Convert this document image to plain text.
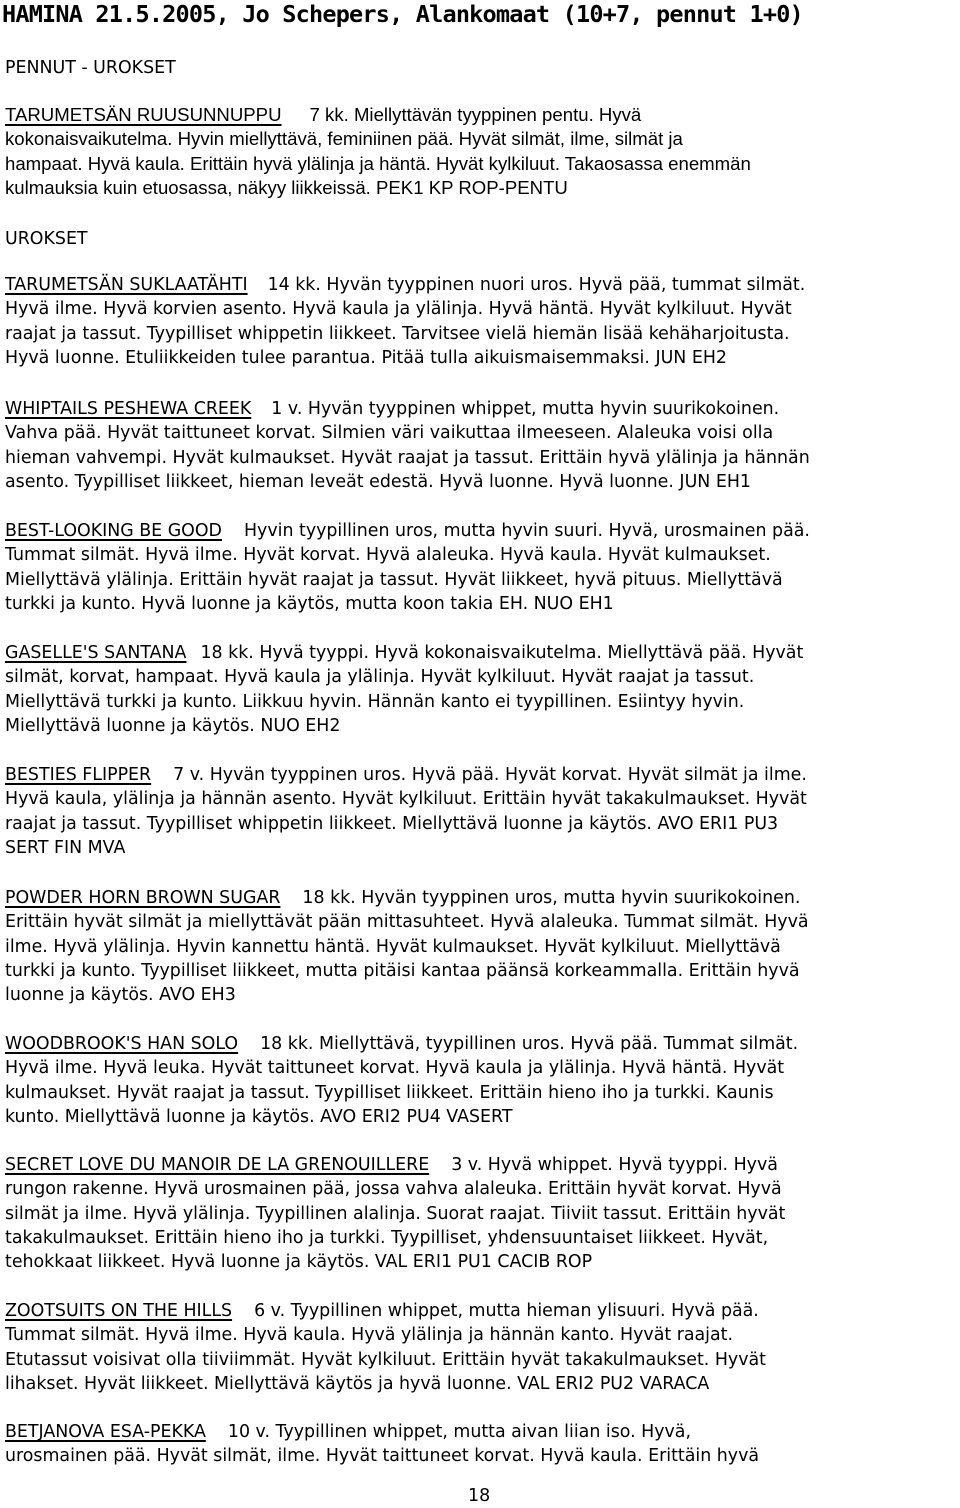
HAMINA 21.5.2005, Jo Schepers, Alankomaat (10+7, pennut 1+0)
PENNUT - UROKSET
TARUMETSÄN RUUSUNNUPPU 7 kk. Miellyttävän tyyppinen pentu. Hyvä
kokonaisvaikutelma. Hyvin miellyttävä, feminiinen pää. Hyvät silmät, ilme, silmät ja
hampaat. Hyvä kaula. Erittäin hyvä ylälinja ja häntä. Hyvät kylkiluut. Takaosassa enemmän
kulmauksia kuin etuosassa, näkyy liikkeissä. PEK1 KP ROP-PENTU
UROKSET
TARUMETSÄN SUKLAATÄHTI 14 kk. Hyvän tyyppinen nuori uros. Hyvä pää, tummat silmät.
Hyvä ilme. Hyvä korvien asento. Hyvä kaula ja ylälinja. Hyvä häntä. Hyvät kylkiluut. Hyvät
raajat ja tassut. Tyypilliset whippetin liikkeet. Tarvitsee vielä hiemän lisää kehäharjoitusta.
Hyvä luonne. Etuliikkeiden tulee parantua. Pitää tulla aikuismaisemmaksi. JUN EH2
WHIPTAILS PESHEWA CREEK 1 v. Hyvän tyyppinen whippet, mutta hyvin suurikokoinen.
Vahva pää. Hyvät taittuneet korvat. Silmien väri vaikuttaa ilmeeseen. Alaleuka voisi olla
hieman vahvempi. Hyvät kulmaukset. Hyvät raajat ja tassut. Erittäin hyvä ylälinja ja hännän
asento. Tyypilliset liikkeet, hieman leveät edestä. Hyvä luonne. Hyvä luonne. JUN EH1
BEST-LOOKING BE GOOD Hyvin tyypillinen uros, mutta hyvin suuri. Hyvä, urosmainen pää.
Tummat silmät. Hyvä ilme. Hyvät korvat. Hyvä alaleuka. Hyvä kaula. Hyvät kulmaukset.
Miellyttävä ylälinja. Erittäin hyvät raajat ja tassut. Hyvät liikkeet, hyvä pituus. Miellyttävä
turkki ja kunto. Hyvä luonne ja käytös, mutta koon takia EH. NUO EH1
GASELLE'S SANTANA 18 kk. Hyvä tyyppi. Hyvä kokonaisvaikutelma. Miellyttävä pää. Hyvät
silmät, korvat, hampaat. Hyvä kaula ja ylälinja. Hyvät kylkiluut. Hyvät raajat ja tassut.
Miellyttävä turkki ja kunto. Liikkuu hyvin. Hännän kanto ei tyypillinen. Esiintyy hyvin.
Miellyttävä luonne ja käytös. NUO EH2
BESTIES FLIPPER 7 v. Hyvän tyyppinen uros. Hyvä pää. Hyvät korvat. Hyvät silmät ja ilme.
Hyvä kaula, ylälinja ja hännän asento. Hyvät kylkiluut. Erittäin hyvät takakulmaukset. Hyvät
raajat ja tassut. Tyypilliset whippetin liikkeet. Miellyttävä luonne ja käytös. AVO ERI1 PU3
SERT FIN MVA
POWDER HORN BROWN SUGAR 18 kk. Hyvän tyyppinen uros, mutta hyvin suurikokoinen.
Erittäin hyvät silmät ja miellyttävät pään mittasuhteet. Hyvä alaleuka. Tummat silmät. Hyvä
ilme. Hyvä ylälinja. Hyvin kannettu häntä. Hyvät kulmaukset. Hyvät kylkiluut. Miellyttävä
turkki ja kunto. Tyypilliset liikkeet, mutta pitäisi kantaa päänsä korkeammalla. Erittäin hyvä
luonne ja käytös. AVO EH3
WOODBROOK'S HAN SOLO 18 kk. Miellyttävä, tyypillinen uros. Hyvä pää. Tummat silmät.
Hyvä ilme. Hyvä leuka. Hyvät taittuneet korvat. Hyvä kaula ja ylälinja. Hyvä häntä. Hyvät
kulmaukset. Hyvät raajat ja tassut. Tyypilliset liikkeet. Erittäin hieno iho ja turkki. Kaunis
kunto. Miellyttävä luonne ja käytös. AVO ERI2 PU4 VASERT
SECRET LOVE DU MANOIR DE LA GRENOUILLERE 3 v. Hyvä whippet. Hyvä tyyppi. Hyvä
rungon rakenne. Hyvä urosmainen pää, jossa vahva alaleuka. Erittäin hyvät korvat. Hyvä
silmät ja ilme. Hyvä ylälinja. Tyypillinen alalinja. Suorat raajat. Tiiviit tassut. Erittäin hyvät
takakulmaukset. Erittäin hieno iho ja turkki. Tyypilliset, yhdensuuntaiset liikkeet. Hyvät,
tehokkaat liikkeet. Hyvä luonne ja käytös. VAL ERI1 PU1 CACIB ROP
ZOOTSUITS ON THE HILLS 6 v. Tyypillinen whippet, mutta hieman ylisuuri. Hyvä pää.
Tummat silmät. Hyvä ilme. Hyvä kaula. Hyvä ylälinja ja hännän kanto. Hyvät raajat.
Etutassut voisivat olla tiiviimmät. Hyvät kylkiluut. Erittäin hyvät takakulmaukset. Hyvät
lihakset. Hyvät liikkeet. Miellyttävä käytös ja hyvä luonne. VAL ERI2 PU2 VARACA
BETJANOVA ESA-PEKKA 10 v. Tyypillinen whippet, mutta aivan liian iso. Hyvä,
urosmainen pää. Hyvät silmät, ilme. Hyvät taittuneet korvat. Hyvä kaula. Erittäin hyvä
18
